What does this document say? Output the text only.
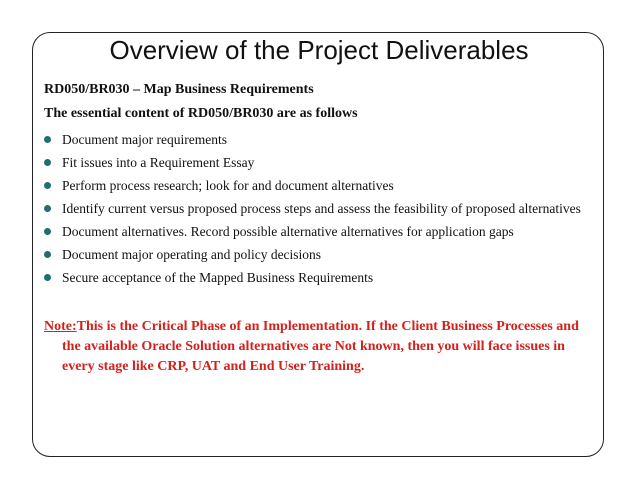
Overview of the Project Deliverables
RD050/BR030 – Map Business Requirements
The essential content of RD050/BR030 are as follows
Document major requirements
Fit issues into a Requirement Essay
Perform process research; look for and document alternatives
Identify current versus proposed process steps and assess the feasibility of proposed alternatives
Document alternatives. Record possible alternative alternatives for application gaps
Document major operating and policy decisions
Secure acceptance of the Mapped Business Requirements
Note:This is the Critical Phase of an Implementation. If the Client Business Processes and the available Oracle Solution alternatives are Not known, then you will face issues in every stage like CRP, UAT and End User Training.
